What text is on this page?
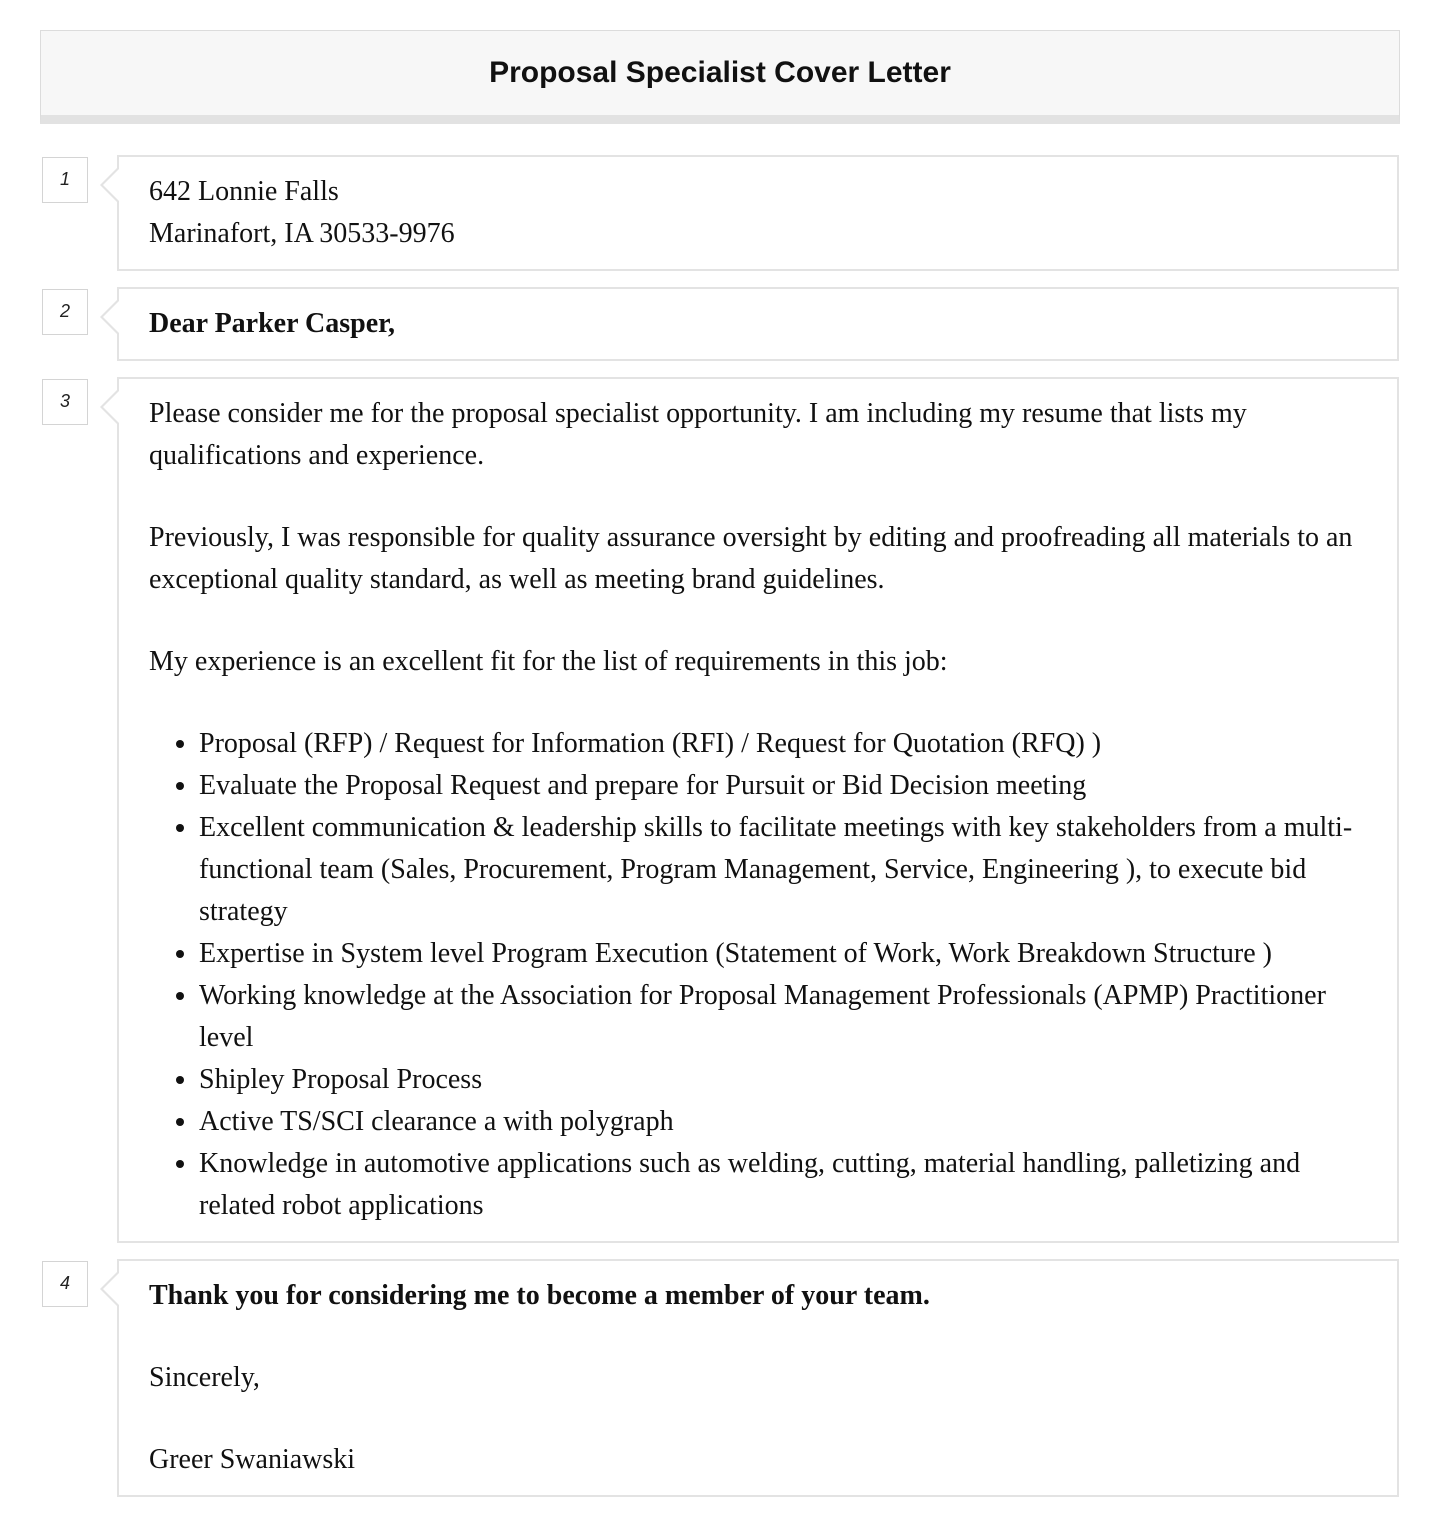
Proposal Specialist Cover Letter
1	642 Lonnie Falls

Marinafort, IA 30533-9976

2	Dear Parker Casper,

3	Please consider me for the proposal specialist opportunity. I am including my resume that lists my qualifications and experience.

Previously, I was responsible for quality assurance oversight by editing and proofreading all materials to an exceptional quality standard, as well as meeting brand guidelines.

My experience is an excellent fit for the list of requirements in this job:

• Proposal (RFP) / Request for Information (RFI) / Request for Quotation (RFQ) )
• Evaluate the Proposal Request and prepare for Pursuit or Bid Decision meeting
• Excellent communication & leadership skills to facilitate meetings with key stakeholders from a multi-functional team (Sales, Procurement, Program Management, Service, Engineering ), to execute bid strategy
• Expertise in System level Program Execution (Statement of Work, Work Breakdown Structure )
• Working knowledge at the Association for Proposal Management Professionals (APMP) Practitioner level
• Shipley Proposal Process
• Active TS/SCI clearance a with polygraph
• Knowledge in automotive applications such as welding, cutting, material handling, palletizing and related robot applications
4	Thank you for considering me to become a member of your team.

Sincerely,

Greer Swaniawski
